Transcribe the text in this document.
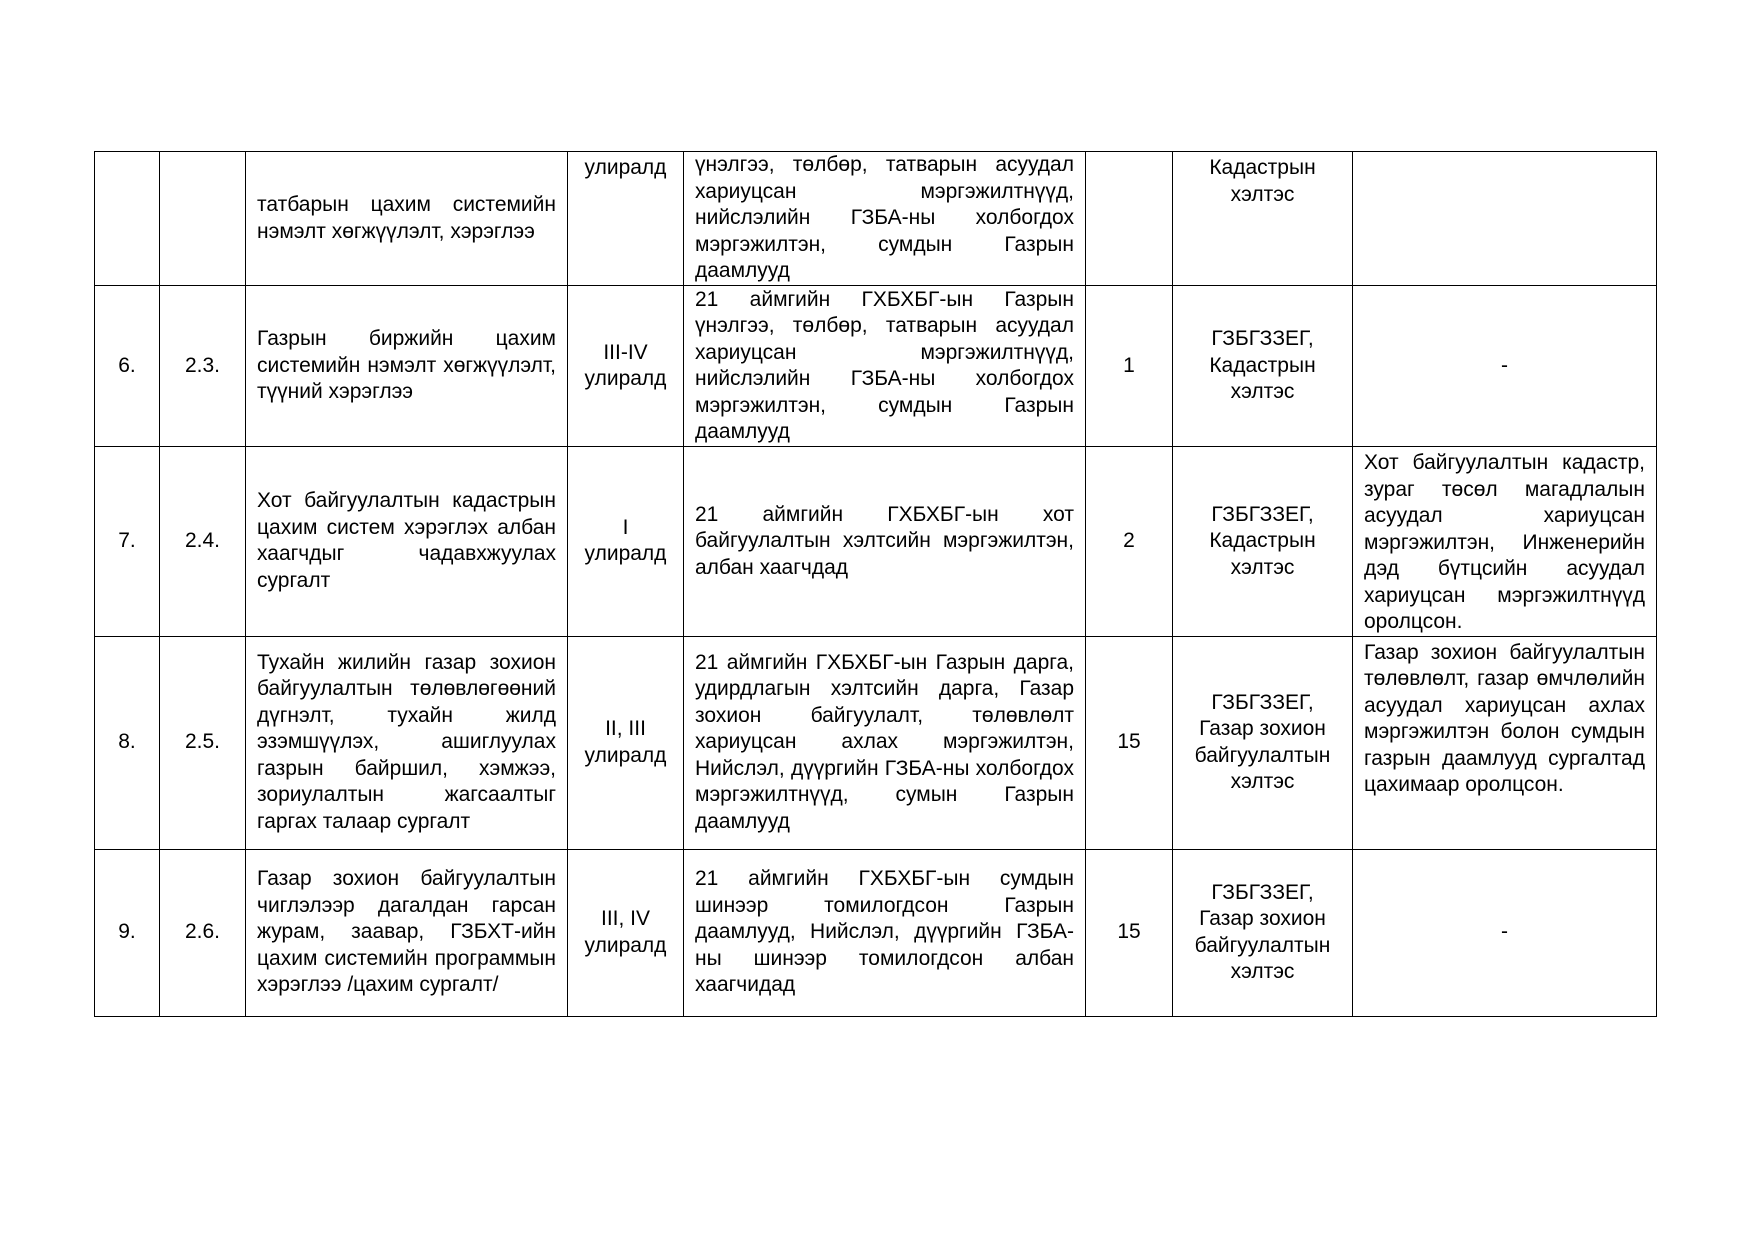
		татбарын цахим системийн нэмэлт хөгжүүлэлт, хэрэглээ	улиралд	үнэлгээ, төлбөр, татварын асуудал хариуцсан мэргэжилтнүүд, нийслэлийн ГЗБА-ны холбогдох мэргэжилтэн, сумдын Газрын даамлууд		Кадастрын
хэлтэс	

6.	2.3.	Газрын биржийн цахим системийн нэмэлт хөгжүүлэлт, түүний хэрэглээ	III-IV
улиралд	21 аймгийн ГХБХБГ-ын Газрын үнэлгээ, төлбөр, татварын асуудал хариуцсан мэргэжилтнүүд, нийслэлийн ГЗБА-ны холбогдох мэргэжилтэн, сумдын Газрын даамлууд	1	ГЗБГЗЗЕГ,
Кадастрын
хэлтэс	-
7.	2.4.	Хот байгуулалтын кадастрын цахим систем хэрэглэх албан хаагчдыг чадавхжуулах сургалт	I
улиралд	21 аймгийн ГХБХБГ-ын хот байгуулалтын хэлтсийн мэргэжилтэн, албан хаагчдад	2	ГЗБГЗЗЕГ,
Кадастрын
хэлтэс	Хот байгуулалтын кадастр, зураг төсөл магадлалын асуудал хариуцсан мэргэжилтэн, Инженерийн дэд бүтцсийн асуудал хариуцсан мэргэжилтнүүд оролцсон.

8.	2.5.	Тухайн жилийн газар зохион байгуулалтын төлөвлөгөөний дүгнэлт, тухайн жилд эзэмшүүлэх, ашиглуулах газрын байршил, хэмжээ, зориулалтын жагсаалтыг гаргах талаар сургалт	II, III
улиралд	21 аймгийн ГХБХБГ-ын Газрын дарга, удирдлагын хэлтсийн дарга, Газар зохион байгуулалт, төлөвлөлт хариуцсан ахлах мэргэжилтэн, Нийслэл, дүүргийн ГЗБА-ны холбогдох мэргэжилтнүүд, сумын Газрын даамлууд	15	ГЗБГЗЗЕГ,
Газар зохион
байгуулалтын
хэлтэс	Газар зохион байгуулалтын төлөвлөлт, газар өмчлөлийн асуудал хариуцсан ахлах мэргэжилтэн болон сумдын газрын даамлууд сургалтад цахимаар оролцсон.

9.	2.6.	Газар зохион байгуулалтын чиглэлээр дагалдан гарсан журам, заавар, ГЗБХТ-ийн цахим системийн программын хэрэглээ /цахим сургалт/	III, IV
улиралд	21 аймгийн ГХБХБГ-ын сумдын шинээр томилогдсон Газрын даамлууд, Нийслэл, дүүргийн ГЗБА-ны шинээр томилогдсон албан хаагчидад	15	ГЗБГЗЗЕГ,
Газар зохион
байгуулалтын
хэлтэс	-
